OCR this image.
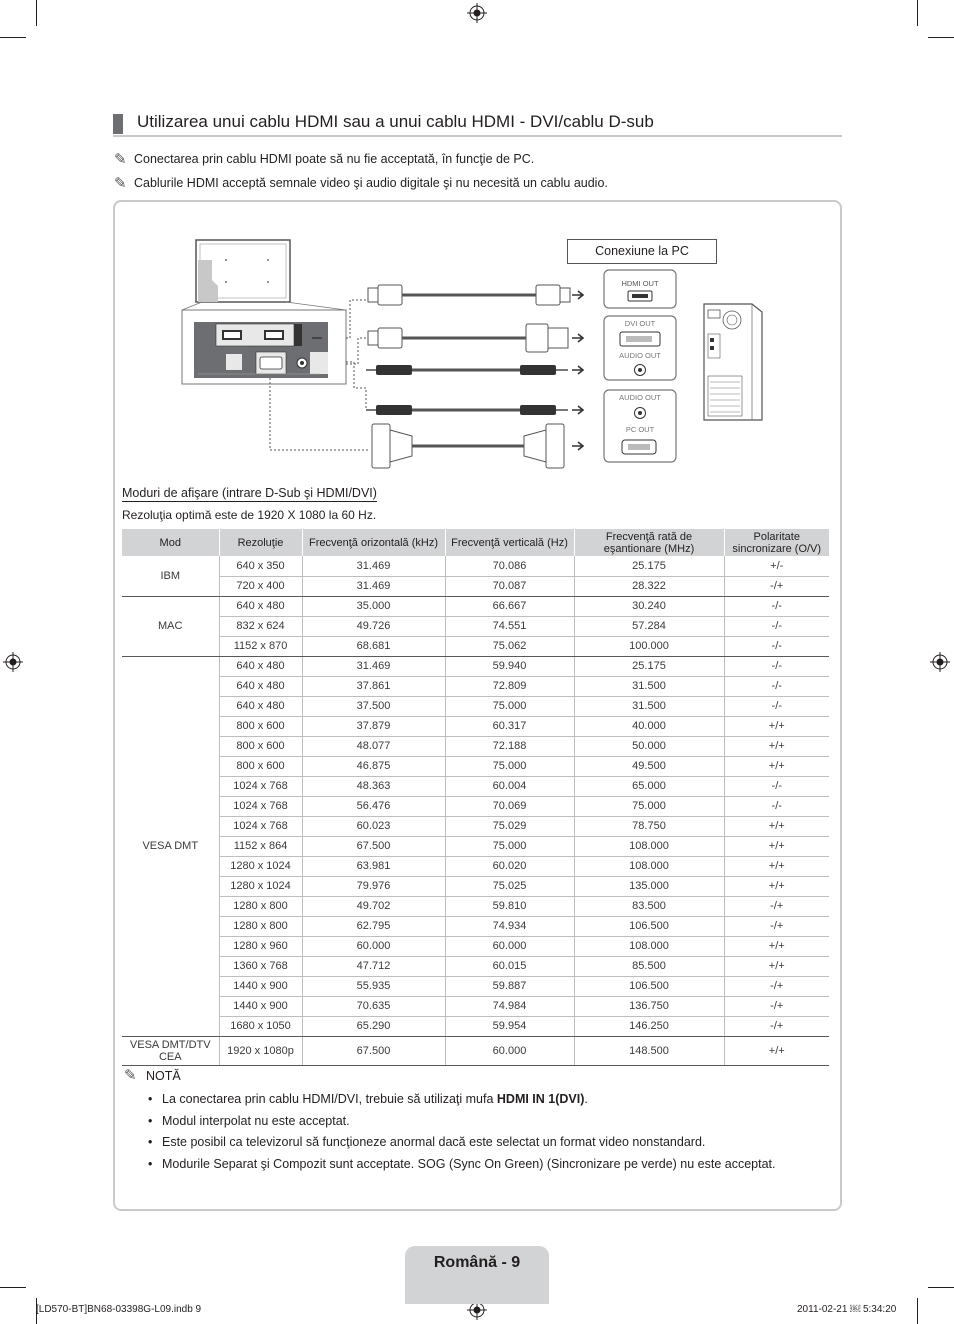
Utilizarea unui cablu HDMI sau a unui cablu HDMI - DVI/cablu D-sub
✎ Conectarea prin cablu HDMI poate să nu fie acceptată, în funcţie de PC.
✎ Cablurile HDMI acceptă semnale video şi audio digitale şi nu necesită un cablu audio.
HDMI OUT
DVI OUT
AUDIO OUT
AUDIO OUT
PC OUT
Conexiune la PC
Moduri de afişare (intrare D-Sub şi HDMI/DVI)
Rezoluţia optimă este de 1920 X 1080 la 60 Hz.
Mod	Rezoluţie	Frecvenţă orizontală (kHz)	Frecvenţă verticală (Hz)	Frecvenţă rată de eşantionare (MHz)	Polaritate sincronizare (O/V)
IBM	640 x 350	31.469	70.086	25.175	+/-
	720 x 400	31.469	70.087	28.322	-/+
MAC	640 x 480	35.000	66.667	30.240	-/-
	832 x 624	49.726	74.551	57.284	-/-
	1152 x 870	68.681	75.062	100.000	-/-
VESA DMT	640 x 480	31.469	59.940	25.175	-/-
	640 x 480	37.861	72.809	31.500	-/-
	640 x 480	37.500	75.000	31.500	-/-
	800 x 600	37.879	60.317	40.000	+/+
	800 x 600	48.077	72.188	50.000	+/+
	800 x 600	46.875	75.000	49.500	+/+
	1024 x 768	48.363	60.004	65.000	-/-
	1024 x 768	56.476	70.069	75.000	-/-
	1024 x 768	60.023	75.029	78.750	+/+
	1152 x 864	67.500	75.000	108.000	+/+
	1280 x 1024	63.981	60.020	108.000	+/+
	1280 x 1024	79.976	75.025	135.000	+/+
	1280 x 800	49.702	59.810	83.500	-/+
	1280 x 800	62.795	74.934	106.500	-/+
	1280 x 960	60.000	60.000	108.000	+/+
	1360 x 768	47.712	60.015	85.500	+/+
	1440 x 900	55.935	59.887	106.500	-/+
	1440 x 900	70.635	74.984	136.750	-/+
	1680 x 1050	65.290	59.954	146.250	-/+
VESA DMT/DTV CEA	1920 x 1080p	67.500	60.000	148.500	+/+
✎ NOTĂ
• La conectarea prin cablu HDMI/DVI, trebuie să utilizaţi mufa HDMI IN 1(DVI).
• Modul interpolat nu este acceptat.
• Este posibil ca televizorul să funcţioneze anormal dacă este selectat un format video nonstandard.
• Modurile Separat şi Compozit sunt acceptate. SOG (Sync On Green) (Sincronizare pe verde) nu este acceptat.
Română - 9
[LD570-BT]BN68-03398G-L09.indb 9	2011-02-21 ￼ 5:34:20
